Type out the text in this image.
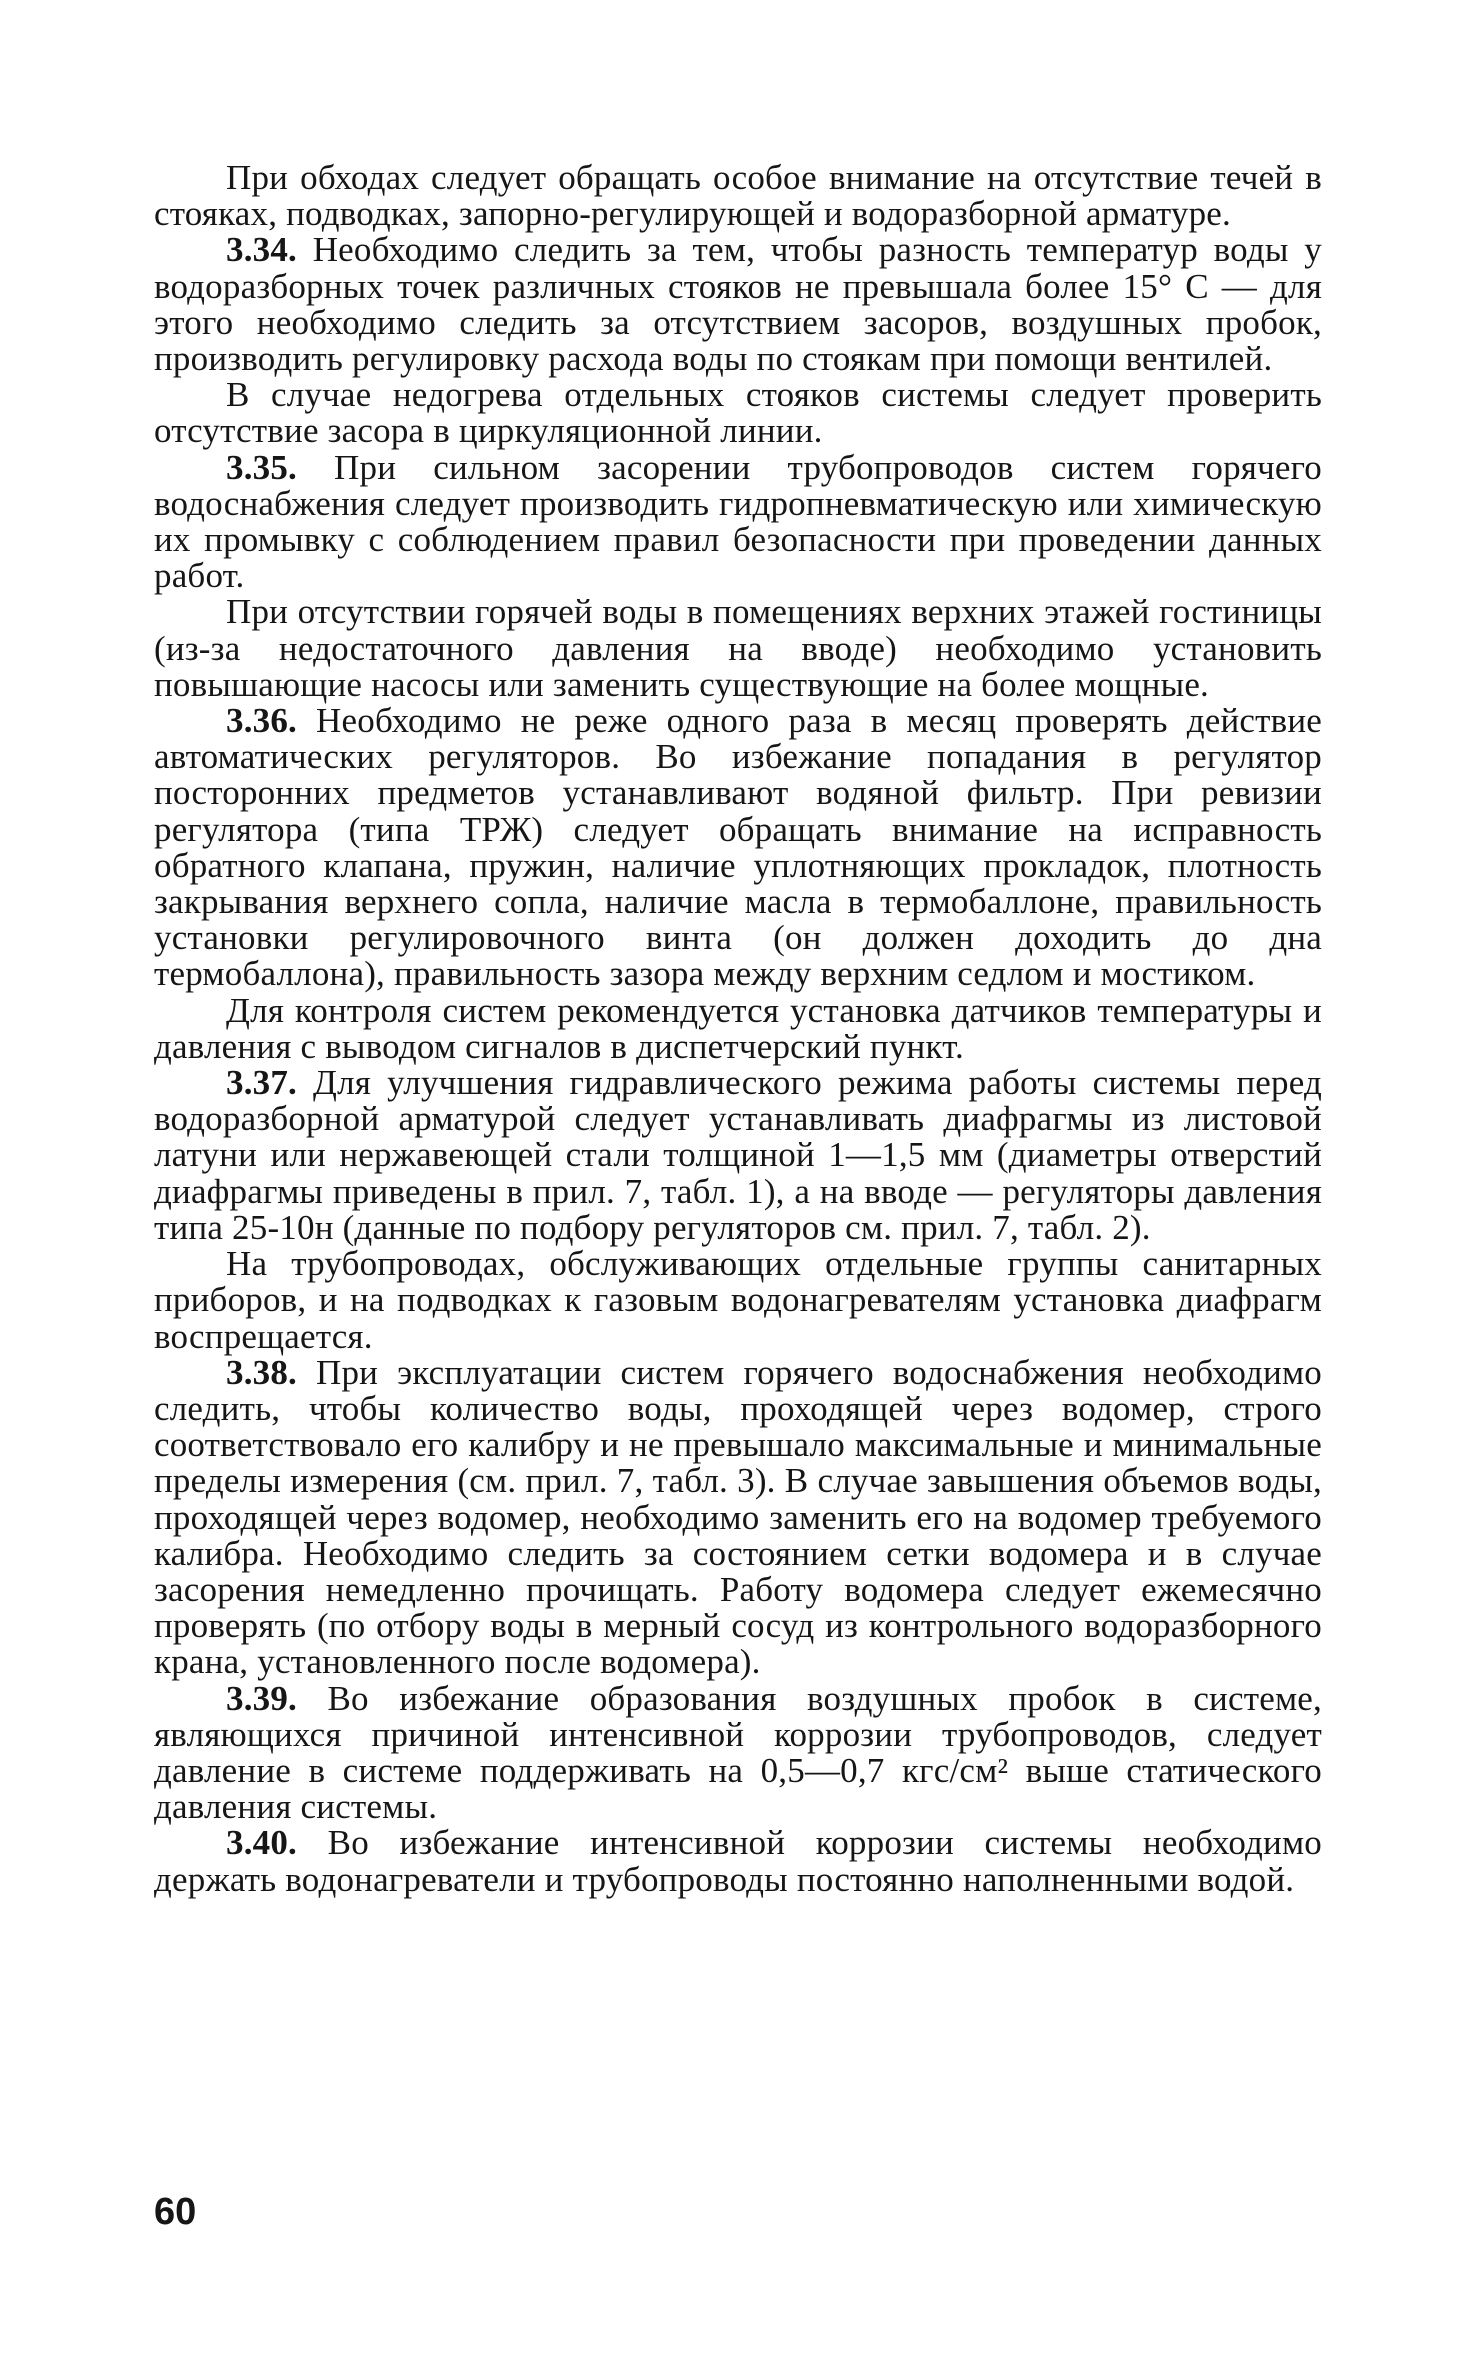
При обходах следует обращать особое внимание на отсутствие течей в стояках, подводках, запорно-регулирующей и водоразборной арматуре.

3.34. Необходимо следить за тем, чтобы разность температур воды у водоразборных точек различных стояков не превышала более 15° С — для этого необходимо следить за отсутствием засоров, воздушных пробок, производить регулировку расхода воды по стоякам при помощи вентилей.

В случае недогрева отдельных стояков системы следует проверить отсутствие засора в циркуляционной линии.

3.35. При сильном засорении трубопроводов систем горячего водоснабжения следует производить гидропневматическую или химическую их промывку с соблюдением правил безопасности при проведении данных работ.

При отсутствии горячей воды в помещениях верхних этажей гостиницы (из-за недостаточного давления на вводе) необходимо установить повышающие насосы или заменить существующие на более мощные.

3.36. Необходимо не реже одного раза в месяц проверять действие автоматических регуляторов. Во избежание попадания в регулятор посторонних предметов устанавливают водяной фильтр. При ревизии регулятора (типа ТРЖ) следует обращать внимание на исправность обратного клапана, пружин, наличие уплотняющих прокладок, плотность закрывания верхнего сопла, наличие масла в термобаллоне, правильность установки регулировочного винта (он должен доходить до дна термобаллона), правильность зазора между верхним седлом и мостиком.

Для контроля систем рекомендуется установка датчиков температуры и давления с выводом сигналов в диспетчерский пункт.

3.37. Для улучшения гидравлического режима работы системы перед водоразборной арматурой следует устанавливать диафрагмы из листовой латуни или нержавеющей стали толщиной 1—1,5 мм (диаметры отверстий диафрагмы приведены в прил. 7, табл. 1), а на вводе — регуляторы давления типа 25-10н (данные по подбору регуляторов см. прил. 7, табл. 2).

На трубопроводах, обслуживающих отдельные группы санитарных приборов, и на подводках к газовым водонагревателям установка диафрагм воспрещается.

3.38. При эксплуатации систем горячего водоснабжения необходимо следить, чтобы количество воды, проходящей через водомер, строго соответствовало его калибру и не превышало максимальные и минимальные пределы измерения (см. прил. 7, табл. 3). В случае завышения объемов воды, проходящей через водомер, необходимо заменить его на водомер требуемого калибра. Необходимо следить за состоянием сетки водомера и в случае засорения немедленно прочищать. Работу водомера следует ежемесячно проверять (по отбору воды в мерный сосуд из контрольного водоразборного крана, установленного после водомера).

3.39. Во избежание образования воздушных пробок в системе, являющихся причиной интенсивной коррозии трубопроводов, следует давление в системе поддерживать на 0,5—0,7 кгс/см² выше статического давления системы.

3.40. Во избежание интенсивной коррозии системы необходимо держать водонагреватели и трубопроводы постоянно наполненными водой.

60
